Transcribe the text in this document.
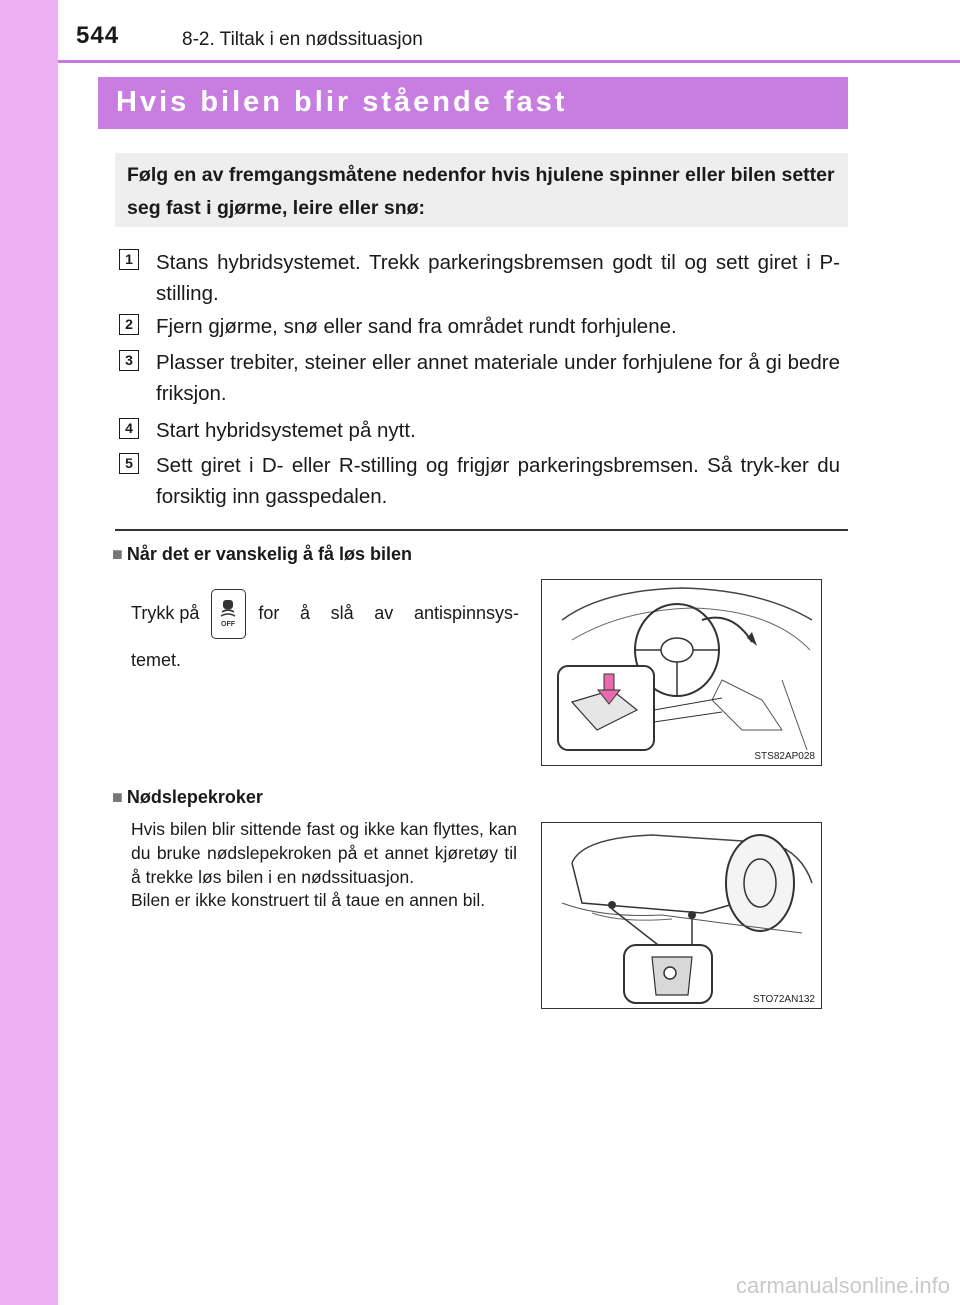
544	8-2. Tiltak i en nødssituasjon
Hvis bilen blir stående fast
Følg en av fremgangsmåtene nedenfor hvis hjulene spinner eller bilen setter seg fast i gjørme, leire eller snø:
1 Stans hybridsystemet. Trekk parkeringsbremsen godt til og sett giret i P-stilling.
2 Fjern gjørme, snø eller sand fra området rundt forhjulene.
3 Plasser trebiter, steiner eller annet materiale under forhjulene for å gi bedre friksjon.
4 Start hybridsystemet på nytt.
5 Sett giret i D- eller R-stilling og frigjør parkeringsbremsen. Så tryk-ker du forsiktig inn gasspedalen.
■ Når det er vanskelig å få løs bilen
Trykk på
OFF
for å slå av antispinnsys-
temet.
STS82AP028
■ Nødslepekroker

Hvis bilen blir sittende fast og ikke kan flyttes, kan du bruke nødslepekroken på et annet kjøretøy til å trekke løs bilen i en nødssituasjon.

Bilen er ikke konstruert til å taue en annen bil.

STO72AN132
carmanualsonline.info
